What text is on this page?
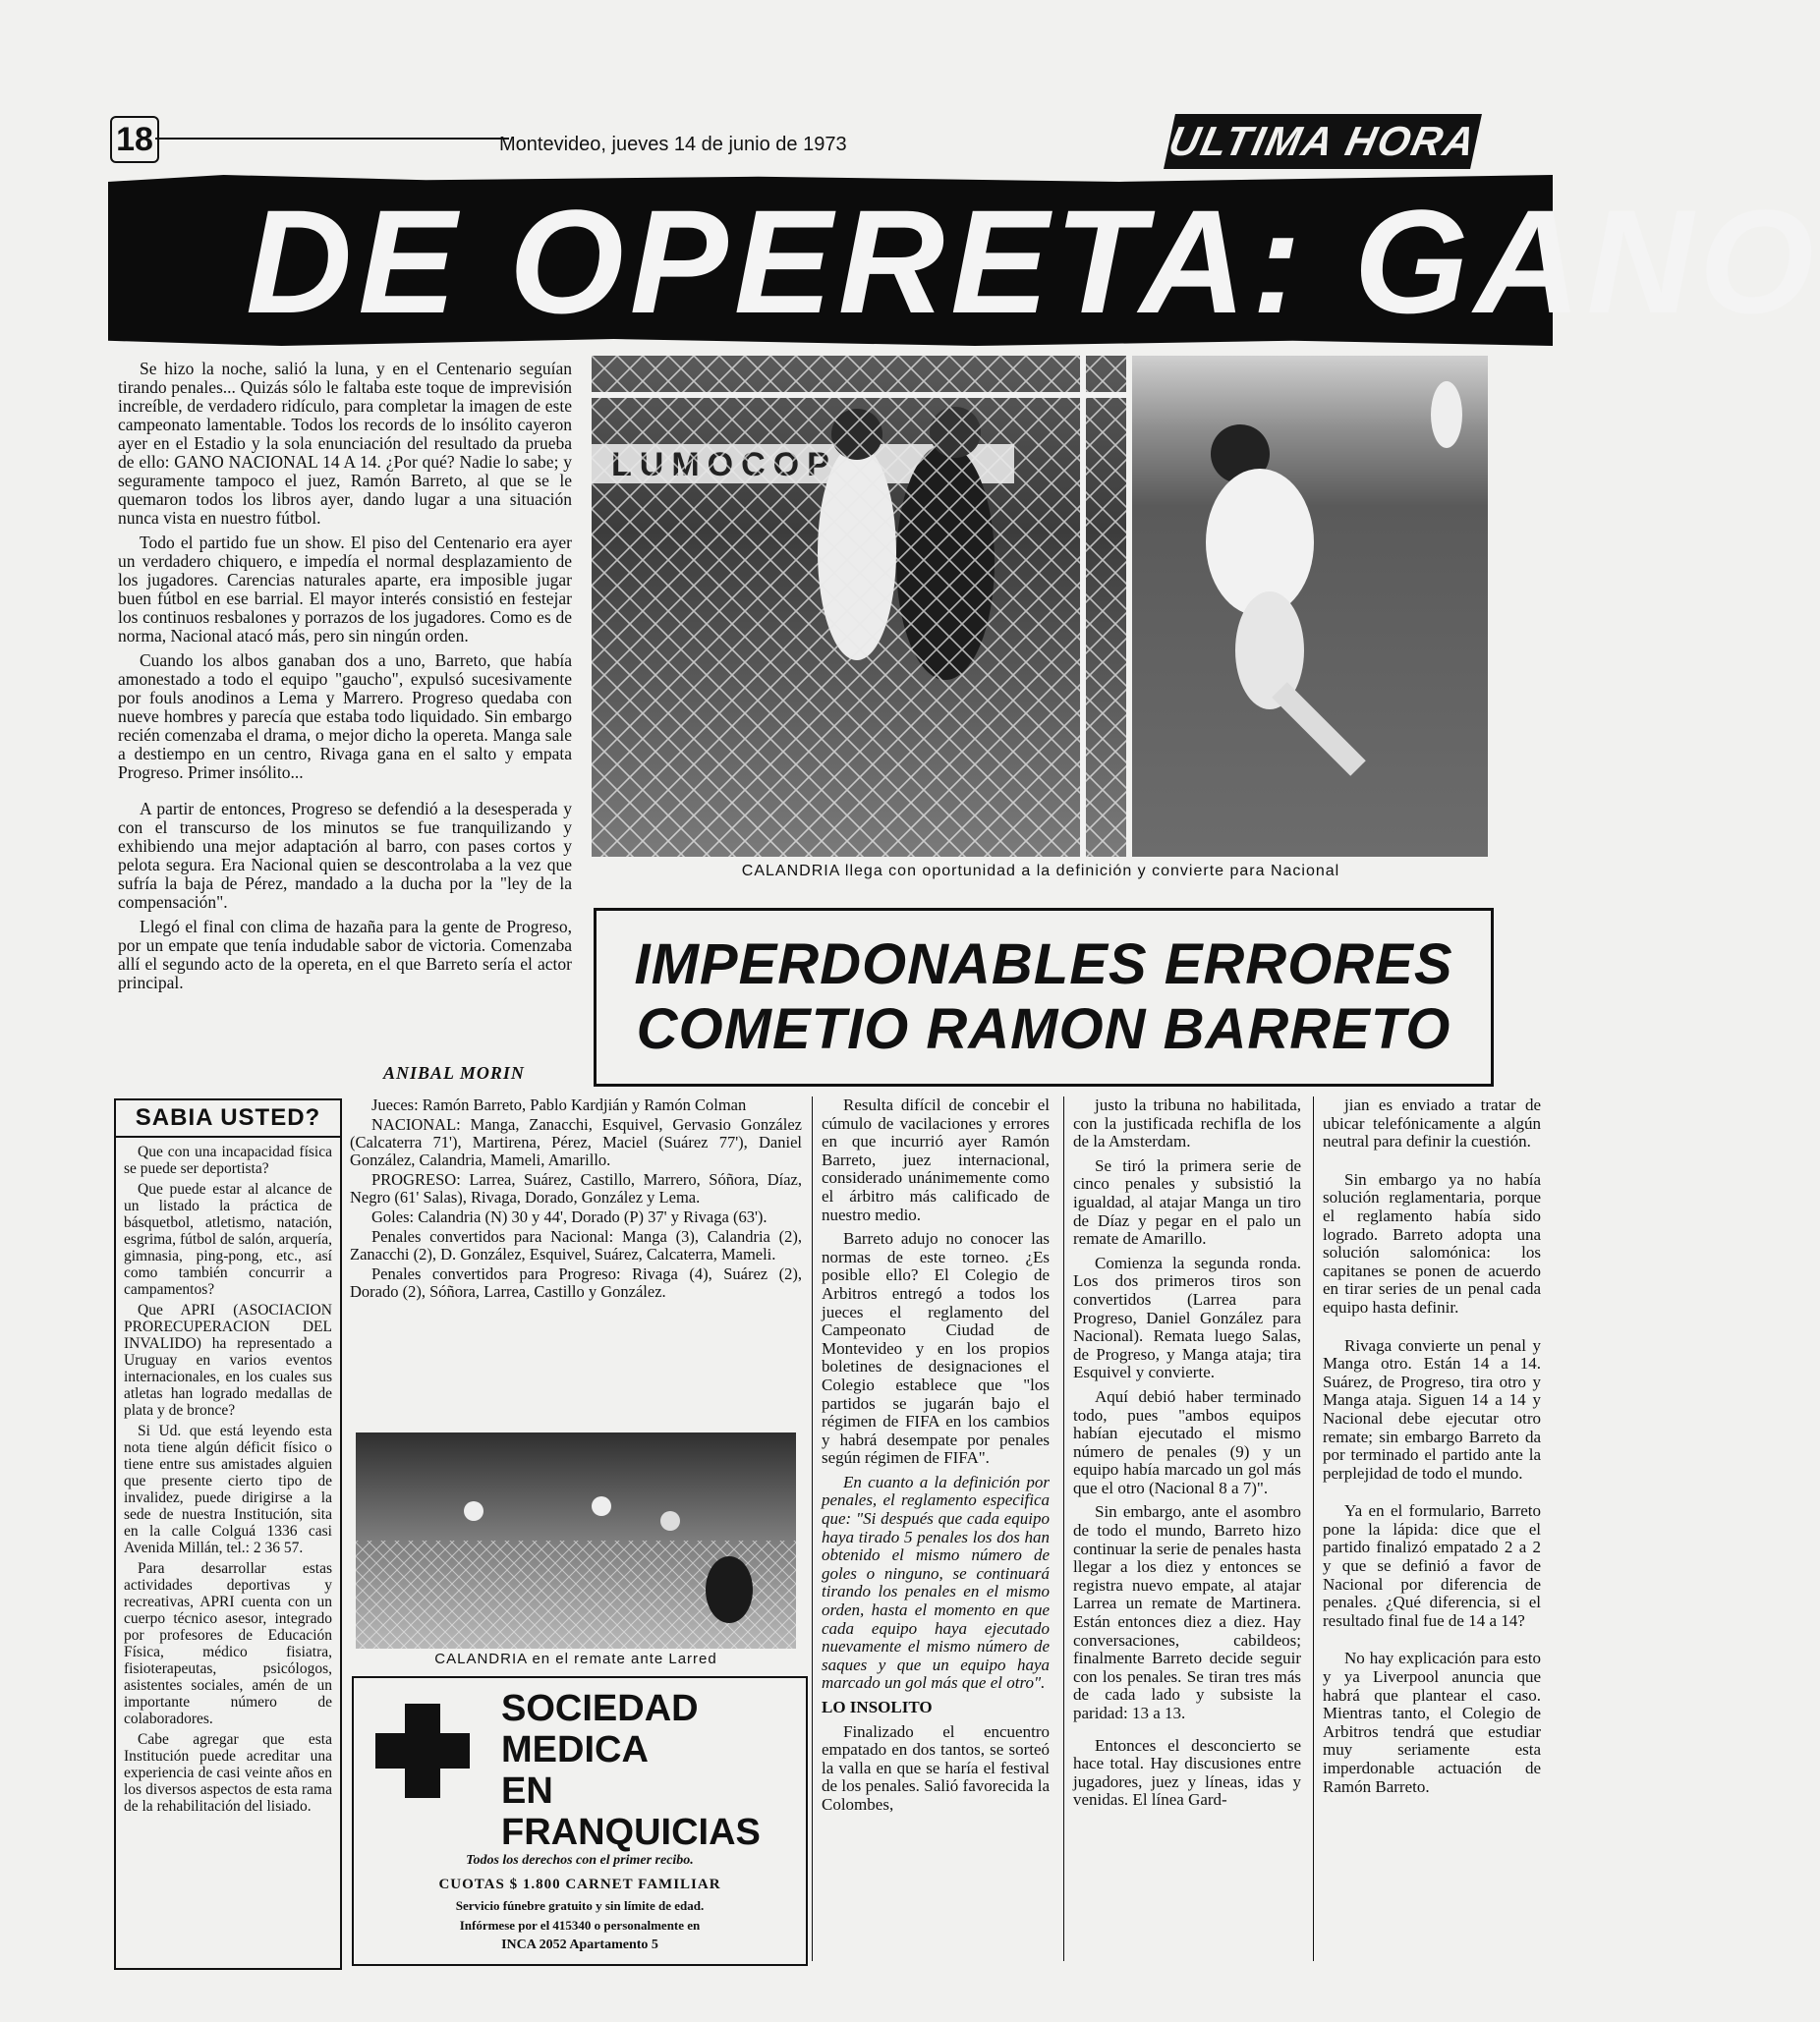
18	Montevideo, jueves 14 de junio de 1973	ULTIMA HORA
DE OPERETA: GANO

Se hizo la noche, salió la luna, y en el Centenario seguían tirando penales... Quizás sólo le faltaba este toque de imprevisión increíble, de verdadero ridículo, para completar la imagen de este campeonato lamentable. Todos los records de lo insólito cayeron ayer en el Estadio y la sola enunciación del resultado da prueba de ello: GANO NACIONAL 14 A 14. ¿Por qué? Nadie lo sabe; y seguramente tampoco el juez, Ramón Barreto, al que se le quemaron todos los libros ayer, dando lugar a una situación nunca vista en nuestro fútbol.

Todo el partido fue un show. El piso del Centenario era ayer un verdadero chiquero, e impedía el normal desplazamiento de los jugadores. Carencias naturales aparte, era imposible jugar buen fútbol en ese barrial. El mayor interés consistió en festejar los continuos resbalones y porrazos de los jugadores. Como es de norma, Nacional atacó más, pero sin ningún orden.

Cuando los albos ganaban dos a uno, Barreto, que había amonestado a todo el equipo "gaucho", expulsó sucesivamente por fouls anodinos a Lema y Marrero. Progreso quedaba con nueve hombres y parecía que estaba todo liquidado. Sin embargo recién comenzaba el drama, o mejor dicho la opereta. Manga sale a destiempo en un centro, Rivaga gana en el salto y empata Progreso. Primer insólito...

A partir de entonces, Progreso se defendió a la desesperada y con el transcurso de los minutos se fue tranquilizando y exhibiendo una mejor adaptación al barro, con pases cortos y pelota segura. Era Nacional quien se descontrolaba a la vez que sufría la baja de Pérez, mandado a la ducha por la "ley de la compensación".

Llegó el final con clima de hazaña para la gente de Progreso, por un empate que tenía indudable sabor de victoria. Comenzaba allí el segundo acto de la opereta, en el que Barreto sería el actor principal.

ANIBAL MORIN
CALANDRIA llega con oportunidad a la definición y convierte para Nacional
IMPERDONABLES ERRORES
COMETIO RAMON BARRETO
SABIA USTED?

Que con una incapacidad física se puede ser deportista?

Que puede estar al alcance de un listado la práctica de básquetbol, atletismo, natación, esgrima, fútbol de salón, arquería, gimnasia, ping-pong, etc., así como también concurrir a campamentos?

Que APRI (ASOCIACION PRORECUPERACION DEL INVALIDO) ha representado a Uruguay en varios eventos internacionales, en los cuales sus atletas han logrado medallas de plata y de bronce?

Si Ud. que está leyendo esta nota tiene algún déficit físico o tiene entre sus amistades alguien que presente cierto tipo de invalidez, puede dirigirse a la sede de nuestra Institución, sita en la calle Colguá 1336 casi Avenida Millán, tel.: 2 36 57.

Para desarrollar estas actividades deportivas y recreativas, APRI cuenta con un cuerpo técnico asesor, integrado por profesores de Educación Física, médico fisiatra, fisioterapeutas, psicólogos, asistentes sociales, amén de un importante número de colaboradores.

Cabe agregar que esta Institución puede acreditar una experiencia de casi veinte años en los diversos aspectos de esta rama de la rehabilitación del lisiado.

Jueces: Ramón Barreto, Pablo Kardjián y Ramón Colman

NACIONAL: Manga, Zanacchi, Esquivel, Gervasio González (Calcaterra 71'), Martirena, Pérez, Maciel (Suárez 77'), Daniel González, Calandria, Mameli, Amarillo.

PROGRESO: Larrea, Suárez, Castillo, Marrero, Sóñora, Díaz, Negro (61' Salas), Rivaga, Dorado, González y Lema.

Goles: Calandria (N) 30 y 44', Dorado (P) 37' y Rivaga (63').

Penales convertidos para Nacional: Manga (3), Calandria (2), Zanacchi (2), D. González, Esquivel, Suárez, Calcaterra, Mameli.

Penales convertidos para Progreso: Rivaga (4), Suárez (2), Dorado (2), Sóñora, Larrea, Castillo y González.

CALANDRIA en el remate ante Larred
SOCIEDAD
MEDICA
EN FRANQUICIAS
Todos los derechos con el primer recibo.
CUOTAS $ 1.800 CARNET FAMILIAR
Servicio fúnebre gratuito y sin límite de edad.
Infórmese por el 415340 o personalmente en
INCA 2052 Apartamento 5

Resulta difícil de concebir el cúmulo de vacilaciones y errores en que incurrió ayer Ramón Barreto, juez internacional, considerado unánimemente como el árbitro más calificado de nuestro medio.

Barreto adujo no conocer las normas de este torneo. ¿Es posible ello? El Colegio de Arbitros entregó a todos los jueces el reglamento del Campeonato Ciudad de Montevideo y en los propios boletines de designaciones el Colegio establece que "los partidos se jugarán bajo el régimen de FIFA en los cambios y habrá desempate por penales según régimen de FIFA".

En cuanto a la definición por penales, el reglamento especifica que: "Si después que cada equipo haya tirado 5 penales los dos han obtenido el mismo número de goles o ninguno, se continuará tirando los penales en el mismo orden, hasta el momento en que cada equipo haya ejecutado nuevamente el mismo número de saques y que un equipo haya marcado un gol más que el otro".

LO INSOLITO

Finalizado el encuentro empatado en dos tantos, se sorteó la valla en que se haría el festival de los penales. Salió favorecida la Colombes,

justo la tribuna no habilitada, con la justificada rechifla de los de la Amsterdam.

Se tiró la primera serie de cinco penales y subsistió la igualdad, al atajar Manga un tiro de Díaz y pegar en el palo un remate de Amarillo.

Comienza la segunda ronda. Los dos primeros tiros son convertidos (Larrea para Progreso, Daniel González para Nacional). Remata luego Salas, de Progreso, y Manga ataja; tira Esquivel y convierte.

Aquí debió haber terminado todo, pues "ambos equipos habían ejecutado el mismo número de penales (9) y un equipo había marcado un gol más que el otro (Nacional 8 a 7)".

Sin embargo, ante el asombro de todo el mundo, Barreto hizo continuar la serie de penales hasta llegar a los diez y entonces se registra nuevo empate, al atajar Larrea un remate de Martinera. Están entonces diez a diez. Hay conversaciones, cabildeos; finalmente Barreto decide seguir con los penales. Se tiran tres más de cada lado y subsiste la paridad: 13 a 13.

Entonces el desconcierto se hace total. Hay discusiones entre jugadores, juez y líneas, idas y venidas. El línea Gard-

jian es enviado a tratar de ubicar telefónicamente a algún neutral para definir la cuestión.

Sin embargo ya no había solución reglamentaria, porque el reglamento había sido logrado. Barreto adopta una solución salomónica: los capitanes se ponen de acuerdo en tirar series de un penal cada equipo hasta definir.

Rivaga convierte un penal y Manga otro. Están 14 a 14. Suárez, de Progreso, tira otro y Manga ataja. Siguen 14 a 14 y Nacional debe ejecutar otro remate; sin embargo Barreto da por terminado el partido ante la perplejidad de todo el mundo.

Ya en el formulario, Barreto pone la lápida: dice que el partido finalizó empatado 2 a 2 y que se definió a favor de Nacional por diferencia de penales. ¿Qué diferencia, si el resultado final fue de 14 a 14?

No hay explicación para esto y ya Liverpool anuncia que habrá que plantear el caso. Mientras tanto, el Colegio de Arbitros tendrá que estudiar muy seriamente esta imperdonable actuación de Ramón Barreto.
